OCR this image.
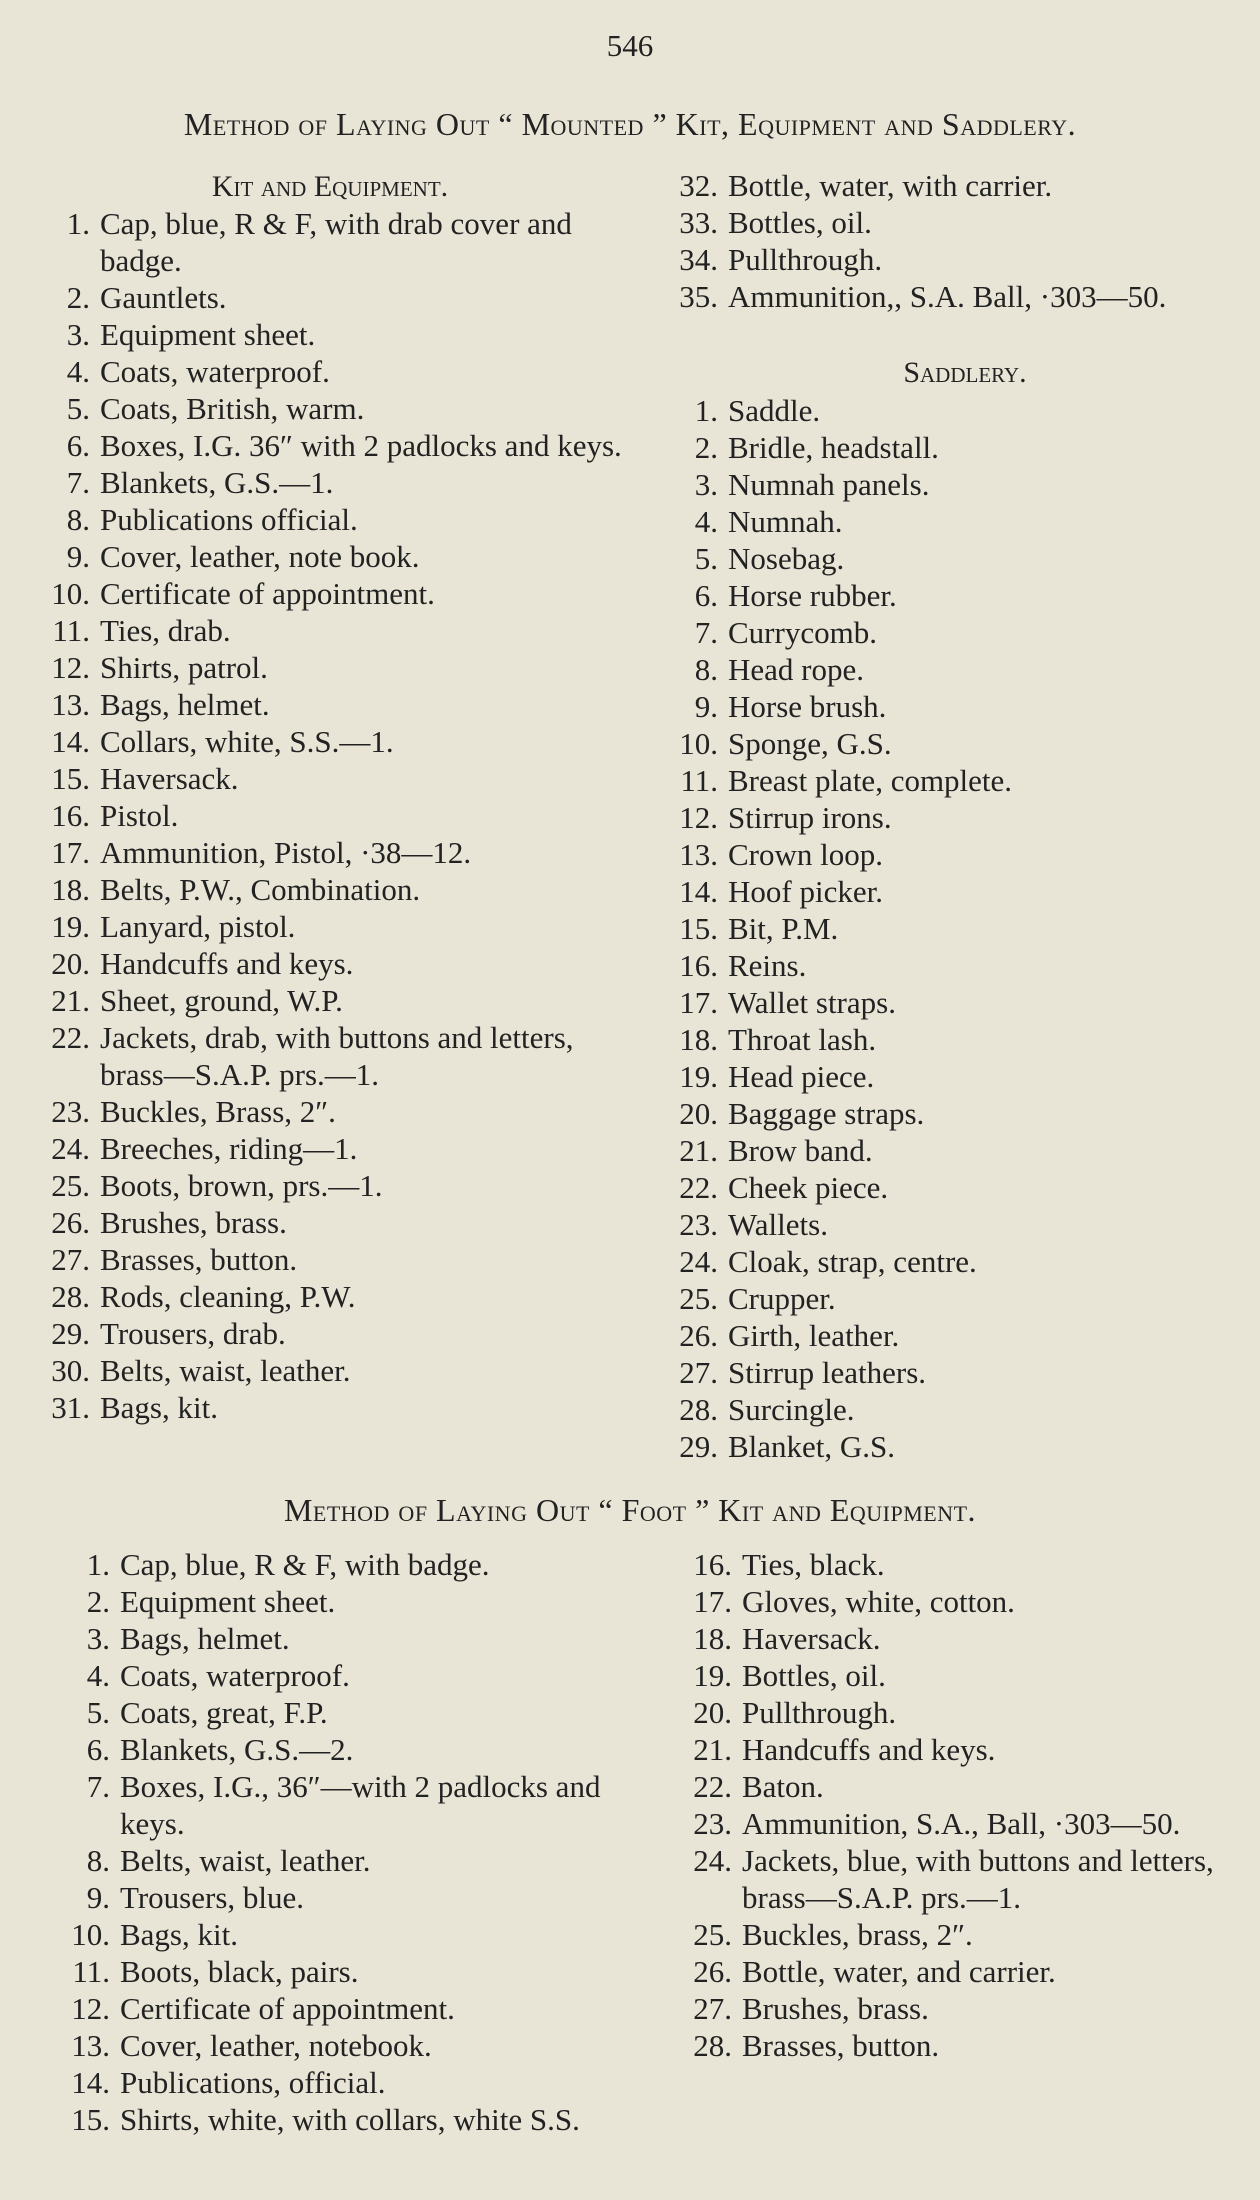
546
Method of Laying Out “ Mounted ” Kit, Equipment and Saddlery.
Kit and Equipment.
1. Cap, blue, R & F, with drab cover and badge.
2. Gauntlets.
3. Equipment sheet.
4. Coats, waterproof.
5. Coats, British, warm.
6. Boxes, I.G. 36″ with 2 padlocks and keys.
7. Blankets, G.S.—1.
8. Publications official.
9. Cover, leather, note book.
10. Certificate of appointment.
11. Ties, drab.
12. Shirts, patrol.
13. Bags, helmet.
14. Collars, white, S.S.—1.
15. Haversack.
16. Pistol.
17. Ammunition, Pistol, ·38—12.
18. Belts, P.W., Combination.
19. Lanyard, pistol.
20. Handcuffs and keys.
21. Sheet, ground, W.P.
22. Jackets, drab, with buttons and letters, brass—S.A.P. prs.—1.
23. Buckles, Brass, 2″.
24. Breeches, riding—1.
25. Boots, brown, prs.—1.
26. Brushes, brass.
27. Brasses, button.
28. Rods, cleaning, P.W.
29. Trousers, drab.
30. Belts, waist, leather.
31. Bags, kit.
32. Bottle, water, with carrier.
33. Bottles, oil.
34. Pullthrough.
35. Ammunition,, S.A. Ball, ·303—50.
Saddlery.
1. Saddle.
2. Bridle, headstall.
3. Numnah panels.
4. Numnah.
5. Nosebag.
6. Horse rubber.
7. Currycomb.
8. Head rope.
9. Horse brush.
10. Sponge, G.S.
11. Breast plate, complete.
12. Stirrup irons.
13. Crown loop.
14. Hoof picker.
15. Bit, P.M.
16. Reins.
17. Wallet straps.
18. Throat lash.
19. Head piece.
20. Baggage straps.
21. Brow band.
22. Cheek piece.
23. Wallets.
24. Cloak, strap, centre.
25. Crupper.
26. Girth, leather.
27. Stirrup leathers.
28. Surcingle.
29. Blanket, G.S.
Method of Laying Out “ Foot ” Kit and Equipment.
1. Cap, blue, R & F, with badge.
2. Equipment sheet.
3. Bags, helmet.
4. Coats, waterproof.
5. Coats, great, F.P.
6. Blankets, G.S.—2.
7. Boxes, I.G., 36″—with 2 padlocks and keys.
8. Belts, waist, leather.
9. Trousers, blue.
10. Bags, kit.
11. Boots, black, pairs.
12. Certificate of appointment.
13. Cover, leather, notebook.
14. Publications, official.
15. Shirts, white, with collars, white S.S.
16. Ties, black.
17. Gloves, white, cotton.
18. Haversack.
19. Bottles, oil.
20. Pullthrough.
21. Handcuffs and keys.
22. Baton.
23. Ammunition, S.A., Ball, ·303—50.
24. Jackets, blue, with buttons and letters, brass—S.A.P. prs.—1.
25. Buckles, brass, 2″.
26. Bottle, water, and carrier.
27. Brushes, brass.
28. Brasses, button.
